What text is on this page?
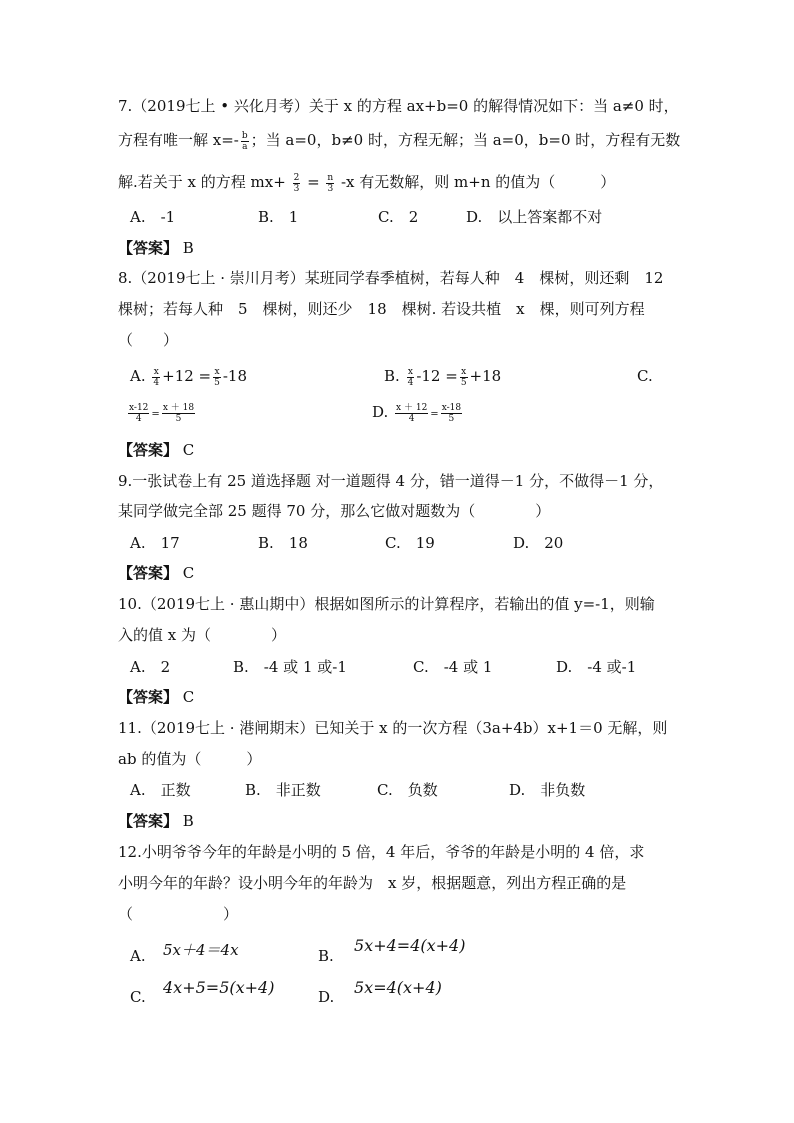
7.（2019七上 • 兴化月考）关于 x 的方程 ax+b=0 的解得情况如下：当 a≠0 时，
方程有唯一解 $x=- \frac{b}{a}$ ；当 a=0，b≠0 时，方程无解；当 a=0，b=0 时，方程有无数
解.若关于 x 的方程 $mx+ \frac{2}{3} = \frac{n}{3} -x$ 有无数解，则 m+n 的值为（　　　）
A.　-1	B.　1	C.　2	D.　以上答案都不对
【答案】 B
8.（2019七上 · 崇川月考）某班同学春季植树，若每人种　4　棵树，则还剩　12
棵树；若每人种　5　棵树，则还少　18　棵树. 若设共植　x　棵，则可列方程
（　　）
A. $\frac{x}{4} +12 = \frac{x}{5} -18$	B. $\frac{x}{4} -12 = \frac{x}{5} +18$	C.
$\frac{x-12}{4} = \frac{x + 18}{5}$	D. $\frac{x + 12}{4} = \frac{x-18}{5}$
【答案】 C
9.一张试卷上有 25 道选择题 对一道题得 4 分，错一道得－1 分，不做得－1 分，
某同学做完全部 25 题得 70 分，那么它做对题数为（　　　　）
A.　17	B.　18	C.　19	D.　20
【答案】 C
10.（2019七上 · 惠山期中）根据如图所示的计算程序，若输出的值 y=-1，则输
入的值 x 为（　　　　）
A.　2	B.　-4 或 1 或-1	C.　-4 或 1	D.　-4 或-1
【答案】 C
11.（2019七上 · 港闸期末）已知关于 x 的一次方程（3a+4b）x+1＝0 无解，则
ab 的值为（　　　）
A.　正数	B.　非正数	C.　负数	D.　非负数
【答案】 B
12.小明爷爷今年的年龄是小明的 5 倍，4 年后，爷爷的年龄是小明的 4 倍，求
小明今年的年龄？设小明今年的年龄为　x 岁，根据题意，列出方程正确的是
（　　　　　　）
A. 5x＋4＝4x	B.
5x+4=4(x+4)
C. 4x+5=5(x+4)	D. 5x=4(x+4)
